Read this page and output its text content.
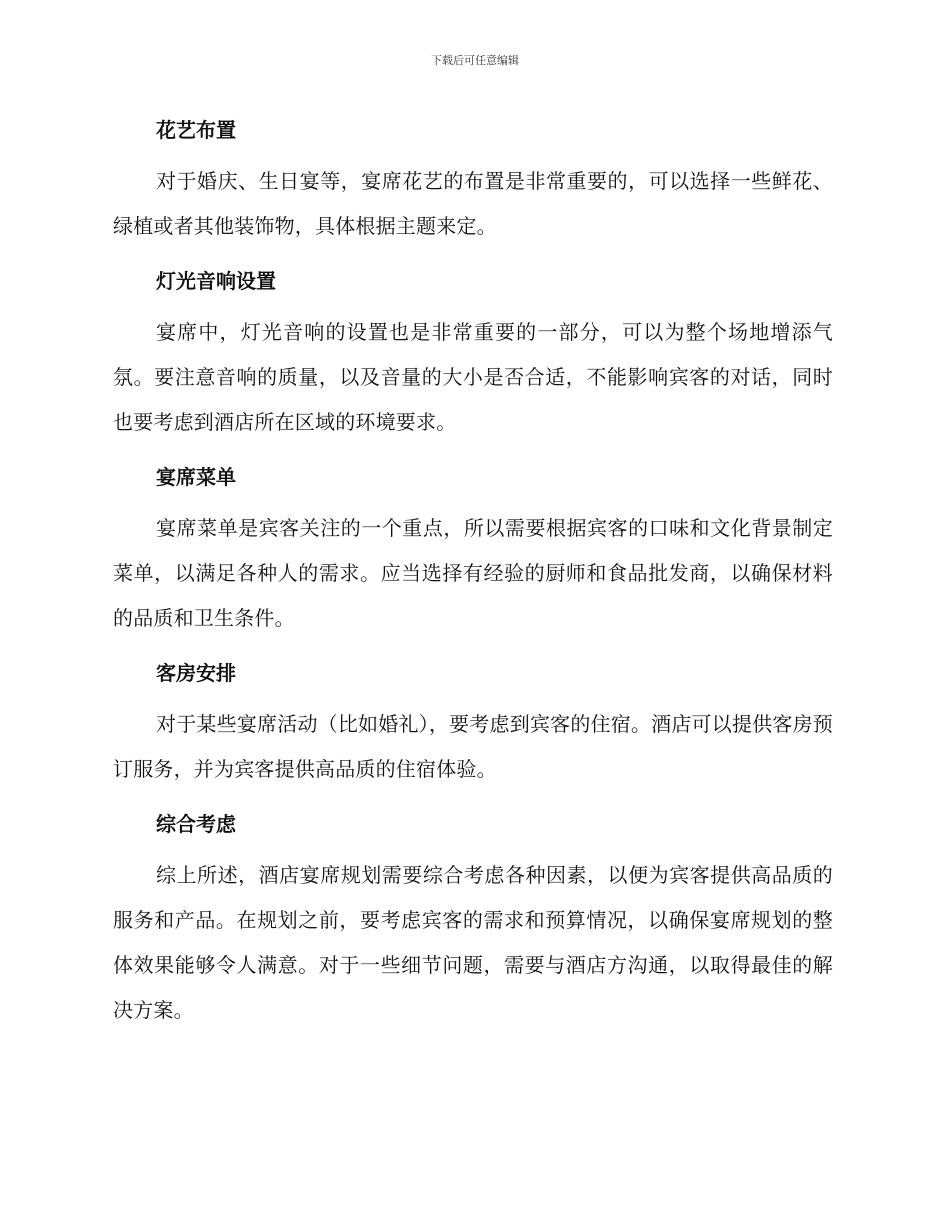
下载后可任意编辑
花艺布置

对于婚庆、生日宴等，宴席花艺的布置是非常重要的，可以选择一些鲜花、绿植或者其他装饰物，具体根据主题来定。

灯光音响设置

宴席中，灯光音响的设置也是非常重要的一部分，可以为整个场地增添气氛。要注意音响的质量，以及音量的大小是否合适，不能影响宾客的对话，同时也要考虑到酒店所在区域的环境要求。

宴席菜单

宴席菜单是宾客关注的一个重点，所以需要根据宾客的口味和文化背景制定菜单，以满足各种人的需求。应当选择有经验的厨师和食品批发商，以确保材料的品质和卫生条件。

客房安排

对于某些宴席活动（比如婚礼），要考虑到宾客的住宿。酒店可以提供客房预订服务，并为宾客提供高品质的住宿体验。

综合考虑

综上所述，酒店宴席规划需要综合考虑各种因素，以便为宾客提供高品质的服务和产品。在规划之前，要考虑宾客的需求和预算情况，以确保宴席规划的整体效果能够令人满意。对于一些细节问题，需要与酒店方沟通，以取得最佳的解决方案。
